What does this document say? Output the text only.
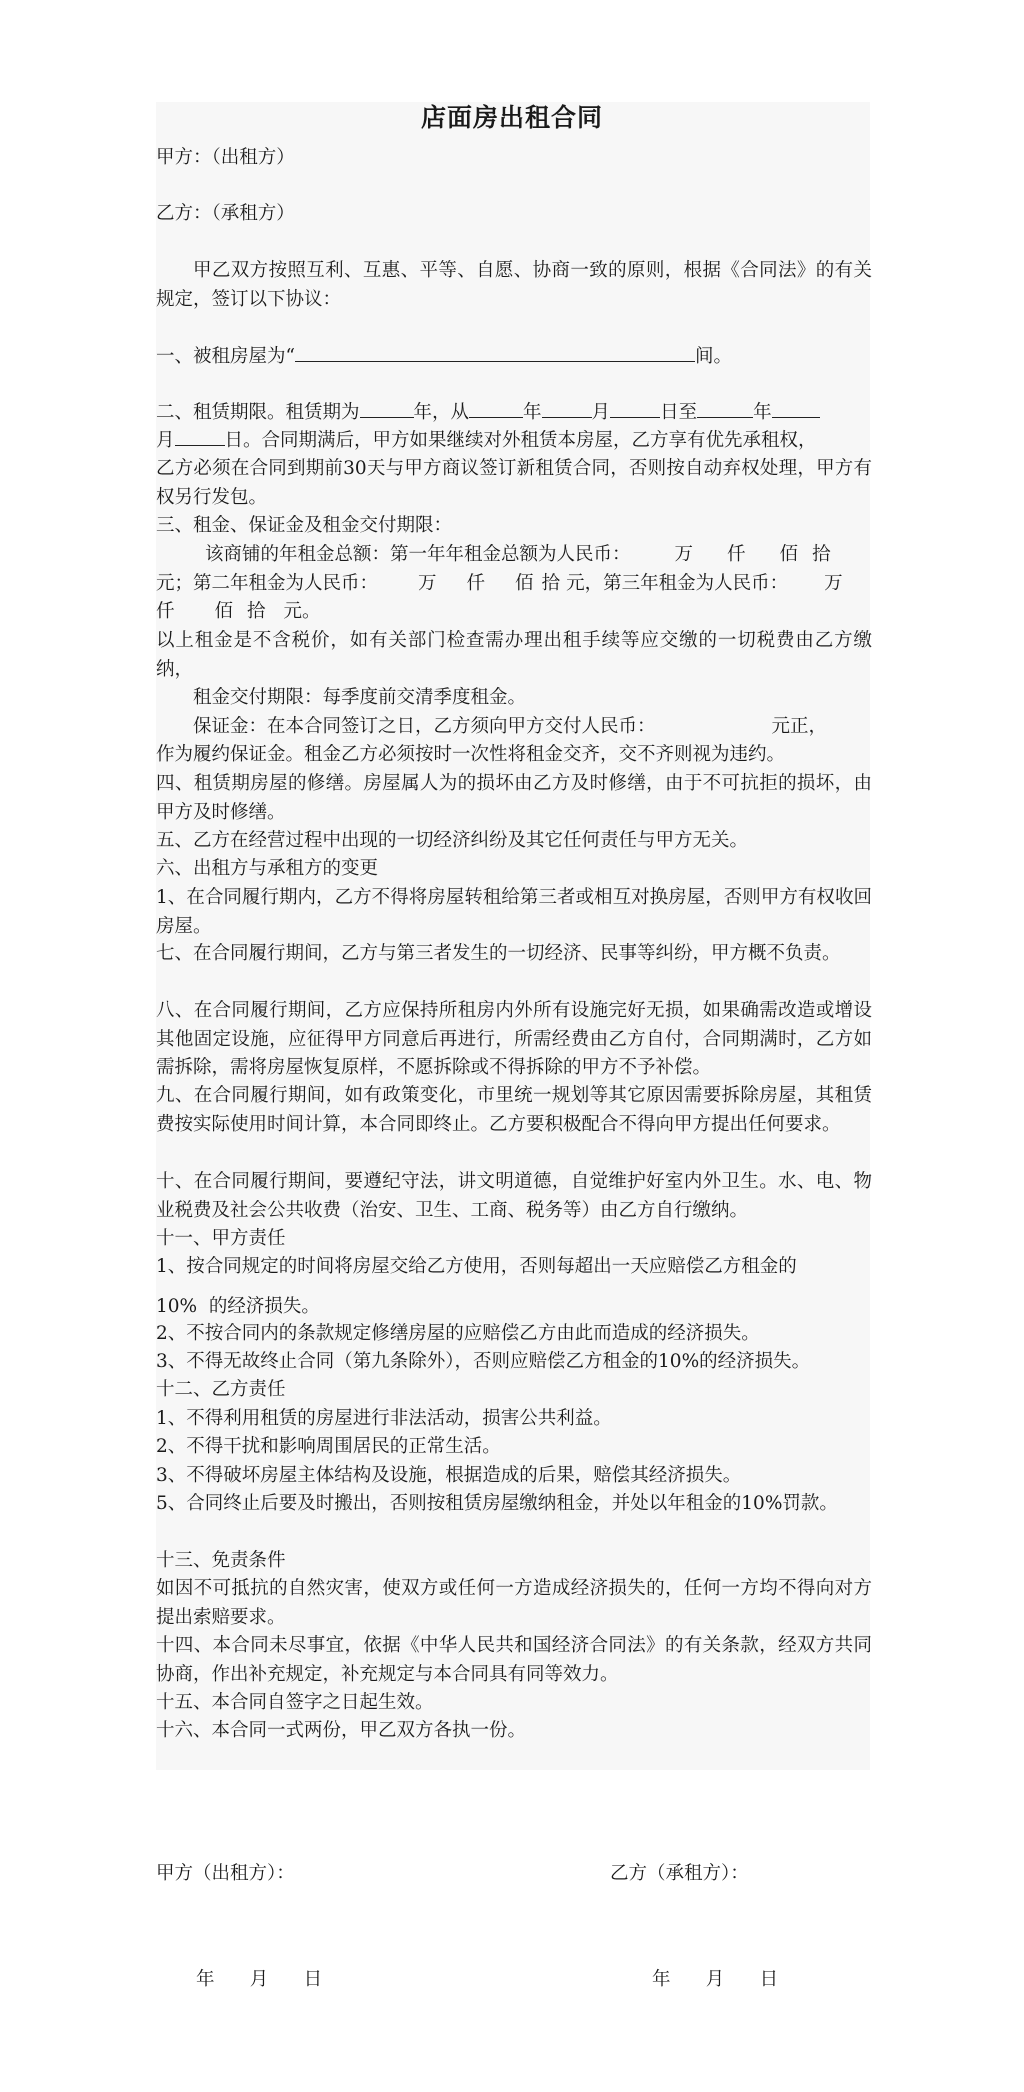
店面房出租合同
甲方：（出租方）
乙方：（承租方）

甲乙双方按照互利、互惠、平等、自愿、协商一致的原则，根据《合同法》的有关规定，签订以下协议：

一、被租房屋为“	间。
二、租赁期限。租赁期为	年，从	年	月	日至	年
月	日。合同期满后，甲方如果继续对外租赁本房屋，乙方享有优先承租权，

乙方必须在合同到期前30天与甲方商议签订新租赁合同，否则按自动弃权处理，甲方有权另行发包。

三、租金、保证金及租金交付期限：
该商铺的年租金总额：第一年年租金总额为人民币： 万 仟 佰 拾
元；第二年租金为人民币： 万 仟 佰 拾 元，第三年租金为人民币： 万
仟 佰 拾 元。

以上租金是不含税价，如有关部门检查需办理出租手续等应交缴的一切税费由乙方缴纳，

租金交付期限：每季度前交清季度租金。

保证金：在本合同签订之日，乙方须向甲方交付人民币：	元正，

作为履约保证金。租金乙方必须按时一次性将租金交齐，交不齐则视为违约。

四、租赁期房屋的修缮。房屋属人为的损坏由乙方及时修缮，由于不可抗拒的损坏，由甲方及时修缮。

五、乙方在经营过程中出现的一切经济纠纷及其它任何责任与甲方无关。

六、出租方与承租方的变更

1、在合同履行期内，乙方不得将房屋转租给第三者或相互对换房屋，否则甲方有权收回房屋。

七、在合同履行期间，乙方与第三者发生的一切经济、民事等纠纷，甲方概不负责。

八、在合同履行期间，乙方应保持所租房内外所有设施完好无损，如果确需改造或增设其他固定设施，应征得甲方同意后再进行，所需经费由乙方自付，合同期满时，乙方如需拆除，需将房屋恢复原样，不愿拆除或不得拆除的甲方不予补偿。

九、在合同履行期间，如有政策变化，市里统一规划等其它原因需要拆除房屋，其租赁费按实际使用时间计算，本合同即终止。乙方要积极配合不得向甲方提出任何要求。

十、在合同履行期间，要遵纪守法，讲文明道德，自觉维护好室内外卫生。水、电、物业税费及社会公共收费（治安、卫生、工商、税务等）由乙方自行缴纳。

十一、甲方责任

1、按合同规定的时间将房屋交给乙方使用，否则每超出一天应赔偿乙方租金的

10%  的经济损失。

2、不按合同内的条款规定修缮房屋的应赔偿乙方由此而造成的经济损失。

3、不得无故终止合同（第九条除外），否则应赔偿乙方租金的10%的经济损失。

十二、乙方责任

1、不得利用租赁的房屋进行非法活动，损害公共利益。

2、不得干扰和影响周围居民的正常生活。

3、不得破坏房屋主体结构及设施，根据造成的后果，赔偿其经济损失。

5、合同终止后要及时搬出，否则按租赁房屋缴纳租金，并处以年租金的10%罚款。

十三、免责条件

如因不可抵抗的自然灾害，使双方或任何一方造成经济损失的，任何一方均不得向对方提出索赔要求。

十四、本合同未尽事宜，依据《中华人民共和国经济合同法》的有关条款，经双方共同协商，作出补充规定，补充规定与本合同具有同等效力。

十五、本合同自签字之日起生效。

十六、本合同一式两份，甲乙双方各执一份。

甲方（出租方）：	乙方（承租方）：
年      月      日	年      月      日
